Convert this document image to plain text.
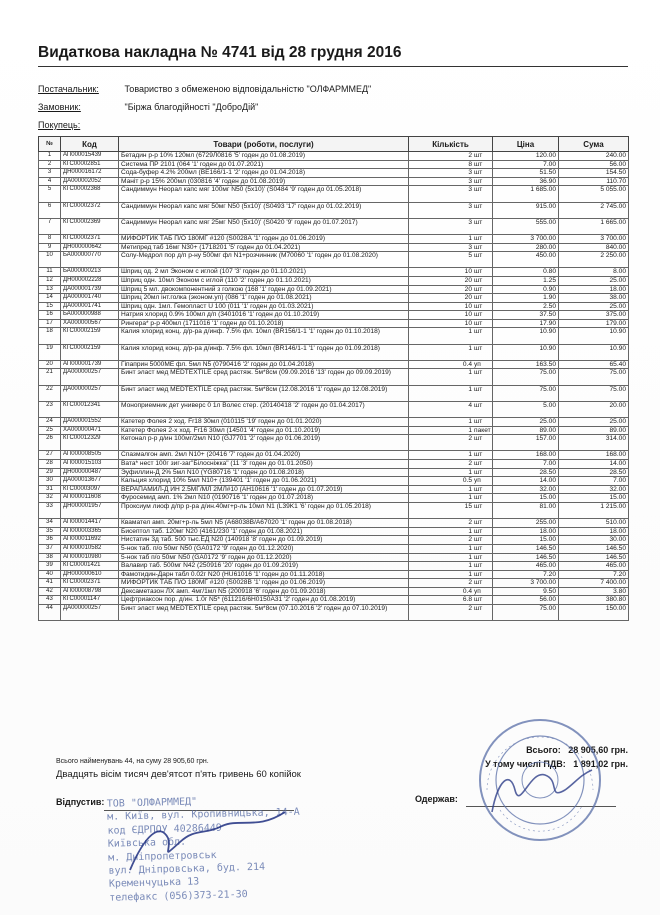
Видаткова накладна № 4741 від 28 грудня 2016
Постачальник:	Товариство з обмеженою відповідальністю "ОЛФАРММЕД"
Замовник:	"Біржа благодійності "ДоброДій"
Покупець:
№	Код	Товари (роботи, послуги)	Кількість	Ціна	Сума
1	АП000015439	Бетадин р-р 10% 120мл (6729Л0816 '5' годен до 01.08.2019)	2 шт	120.00	240.00
2	КГС00002851	Система ПР 2101 (064 '1' годен до 01.07.2021)	8 шт	7.00	56.00
3	ДН000016172	Сода-буфер 4.2% 200мл (ВЕ166/1-1 '2' годен до 01.04.2018)	3 шт	51.50	154.50
4	ДА000002052	Маніт р-р 15% 200мл (030816 '4' годен до 01.08.2019)	3 шт	36.90	110.70
5	КГС00002368	Сандиммун Неорал капс мяг 100мг N50 (5x10)' (S0484 '9' годен до 01.05.2018)	3 шт	1 685.00	5 055.00
6	КГС00002372	Сандиммун Неорал капс мяг 50мг N50 (5x10)' (S0493 '17' годен до 01.02.2019)	3 шт	915.00	2 745.00
7	КГС00002369	Сандиммун Неорал капс мяг 25мг N50 (5x10)' (S0420 '9' годен до 01.07.2017)	3 шт	555.00	1 665.00
8	КГС00002371	МИФОРТИК ТАБ П/О 180МГ #120 (S0028А '1' годен до 01.06.2019)	1 шт	3 700.00	3 700.00
9	ДН000000642	Метипред таб 16мг N30+ (1718201 '5' годен до 01.04.2021)	3 шт	280.00	840.00
10	БА000000770	Солу-Медрол пор д/п р-ну 500мг фл N1+розчинник (М70060 '1' годен до 01.08.2020)	5 шт	450.00	2 250.00
11	БА000000213	Шприц од. 2 мл Эконом с иглой (107 '3' годен до 01.10.2021)	10 шт	0.80	8.00
12	ДН000002228	Шприц одн. 10мл Эконом с иглой (110 '2' годен до 01.10.2021)	20 шт	1.25	25.00
13	ДА000001739	Шприц 5 мл. двокомпонентний з голкою (168 '1' годен до 01.09.2021)	20 шт	0.90	18.00
14	ДА000001740	Шприц 20мл інт.голка (эконом.уп) (086 '1' годен до 01.08.2021)	20 шт	1.90	38.00
15	ДА000001741	Шприц одн. 1мл. Гемопласт U 100 (011 '1' годен до 01.03.2021)	10 шт	2.50	25.00
16	БА000000988	Натрия хлорид 0.9% 100мл д/п (3401016 '1' годен до 01.10.2019)	10 шт	37.50	375.00
17	ХА000000567	Рингера* р-р 400мл (1711016 '1' годен до 01.10.2018)	10 шт	17.90	179.00
18	КГС00002159	Калия хлорид конц. д/р-ра д/инф. 7.5% фл. 10мл (ВR156/1-1 '1' годен до 01.10.2018)	1 шт	10.90	10.90
19	КГС00002159	Калия хлорид конц. д/р-ра д/инф. 7.5% фл. 10мл (ВR146/1-1 '1' годен до 01.09.2018)	1 шт	10.90	10.90
20	АП000001739	Гіпаприн 5000МЕ фл. 5мл N5 (0790416 '2' годен до 01.04.2018)	0.4 уп	163.50	65.40
21	ДА000000257	Бинт эласт мед MEDTEXTILE сред растяж. 5м*8см (09.09.2016 '13' годен до 09.09.2019)	1 шт	75.00	75.00
22	ДА000000257	Бинт эласт мед MEDTEXTILE сред растяж. 5м*8см (12.08.2016 '1' годен до 12.08.2019)	1 шт	75.00	75.00
23	КГС00012341	Моноприемник дет универс 0 1л Волес стер. (20140418 '2' годен до 01.04.2017)	4 шт	5.00	20.00
24	ДА000001552	Катетер Фолея 2 ход. Fr18 30мл (010115 '19' годен до 01.01.2020)	1 шт	25.00	25.00
25	ХА000000471	Катетер Фолея 2-х ход. Fr16 30мл (14501 '4' годен до 01.10.2019)	1 пакет	89.00	89.00
26	КГС00012329	Кетонал р-р д/ин 100мг/2мл N10 (GJ7701 '2' годен до 01.06.2019)	2 шт	157.00	314.00
27	АП000008505	Спазмалгон амп. 2мл N10+ (20416 '7' годен до 01.04.2020)	1 шт	168.00	168.00
28	АП000015103	Вата* нест 100г зиг-заг"Білосніжка" (11 '3' годен до 01.01.2050)	2 шт	7.00	14.00
29	ДН000000487	Эуфиллин-Д 2% 5мл N10 (YG80716 '1' годен до 01.08.2018)	1 шт	28.50	28.50
30	ДА000013677	Кальция хлорид 10% 5мл N10+ (139401 '1' годен до 01.06.2021)	0.5 уп	14.00	7.00
31	КГС00003097	ВЕРАПАМИЛ-Д ИН 2.5МГ/МЛ 2МЛ#10 (АН10616 '1' годен до 01.07.2019)	1 шт	32.00	32.00
32	АП000011608	Фуросемид амп. 1% 2мл N10 (0190716 '1' годен до 01.07.2018)	1 шт	15.00	15.00
33	ДН000001957	Проксиум лиоф д/пр р-ра д/ин.40мг+р-ль 10мл N1 (L39K1 '6' годен до 01.05.2018)	15 шт	81.00	1 215.00
34	АП000014417	Квамател амп. 20мг+р-ль 5мл N5 (А68038В/А67020 '1' годен до 01.08.2018)	2 шт	255.00	510.00
35	АП000003365	Бисептол таб. 120мг N20 (4161/230 '1' годен до 01.08.2021)	1 шт	18.00	18.00
36	АП000011692	Нистатин 3д таб. 500 тыс.ЕД N20 (140918 '8' годен до 01.09.2019)	2 шт	15.00	30.00
37	АП000010582	5-нок таб. п/о 50мг N50 (GA0172 '9' годен до 01.12.2020)	1 шт	146.50	146.50
38	АП000010980	5-нок таб п/о 50мг N50 (GA0172 '9' годен до 01.12.2020)	1 шт	146.50	146.50
39	КГС00001421	Валавир таб. 500мг N42 (250916 '20' годен до 01.09.2019)	1 шт	465.00	465.00
40	ДН000000610	Фамотидин-Дарн табл 0.02г N20 (НU61016 '1' годен до 01.11.2018)	1 шт	7.20	7.20
41	КГС00002371	МИФОРТИК ТАБ П/О 180МГ #120 (S0028В '1' годен до 01.06.2019)	2 шт	3 700.00	7 400.00
42	АП000008798	Дексаметазон ЛХ амп. 4мг/1мл N5 (200918 '6' годен до 01.09.2018)	0.4 уп	9.50	3.80
43	КГС00001147	Цефтриаксон пор. д/ин. 1.0г N5* (611216/6Н0150А31 '2' годен до 01.08.2019)	6.8 шт	56.00	380.80
44	ДА000000257	Бинт эласт мед MEDTEXTILE сред растяж. 5м*8см (07.10.2016 '2' годен до 07.10.2019)	2 шт	75.00	150.00
Всього: 28 905,60 грн.
У тому числі ПДВ: 1 891,02 грн.
Всього найменувань 44, на суму 28 905,60 грн.
Двадцять вісім тисяч дев'ятсот п'ять гривень 60 копійок
Відпустив:	Одержав:
ТОВ "ОЛФАРММЕД"
м. Київ, вул. Кропивницька, 14-А
код ЄДРПОУ 40286449
Київська обл.
м. Дніпропетровськ
вул. Дніпровська, буд. 214
Кременчуцька 13
телефакс (056)373-21-30
